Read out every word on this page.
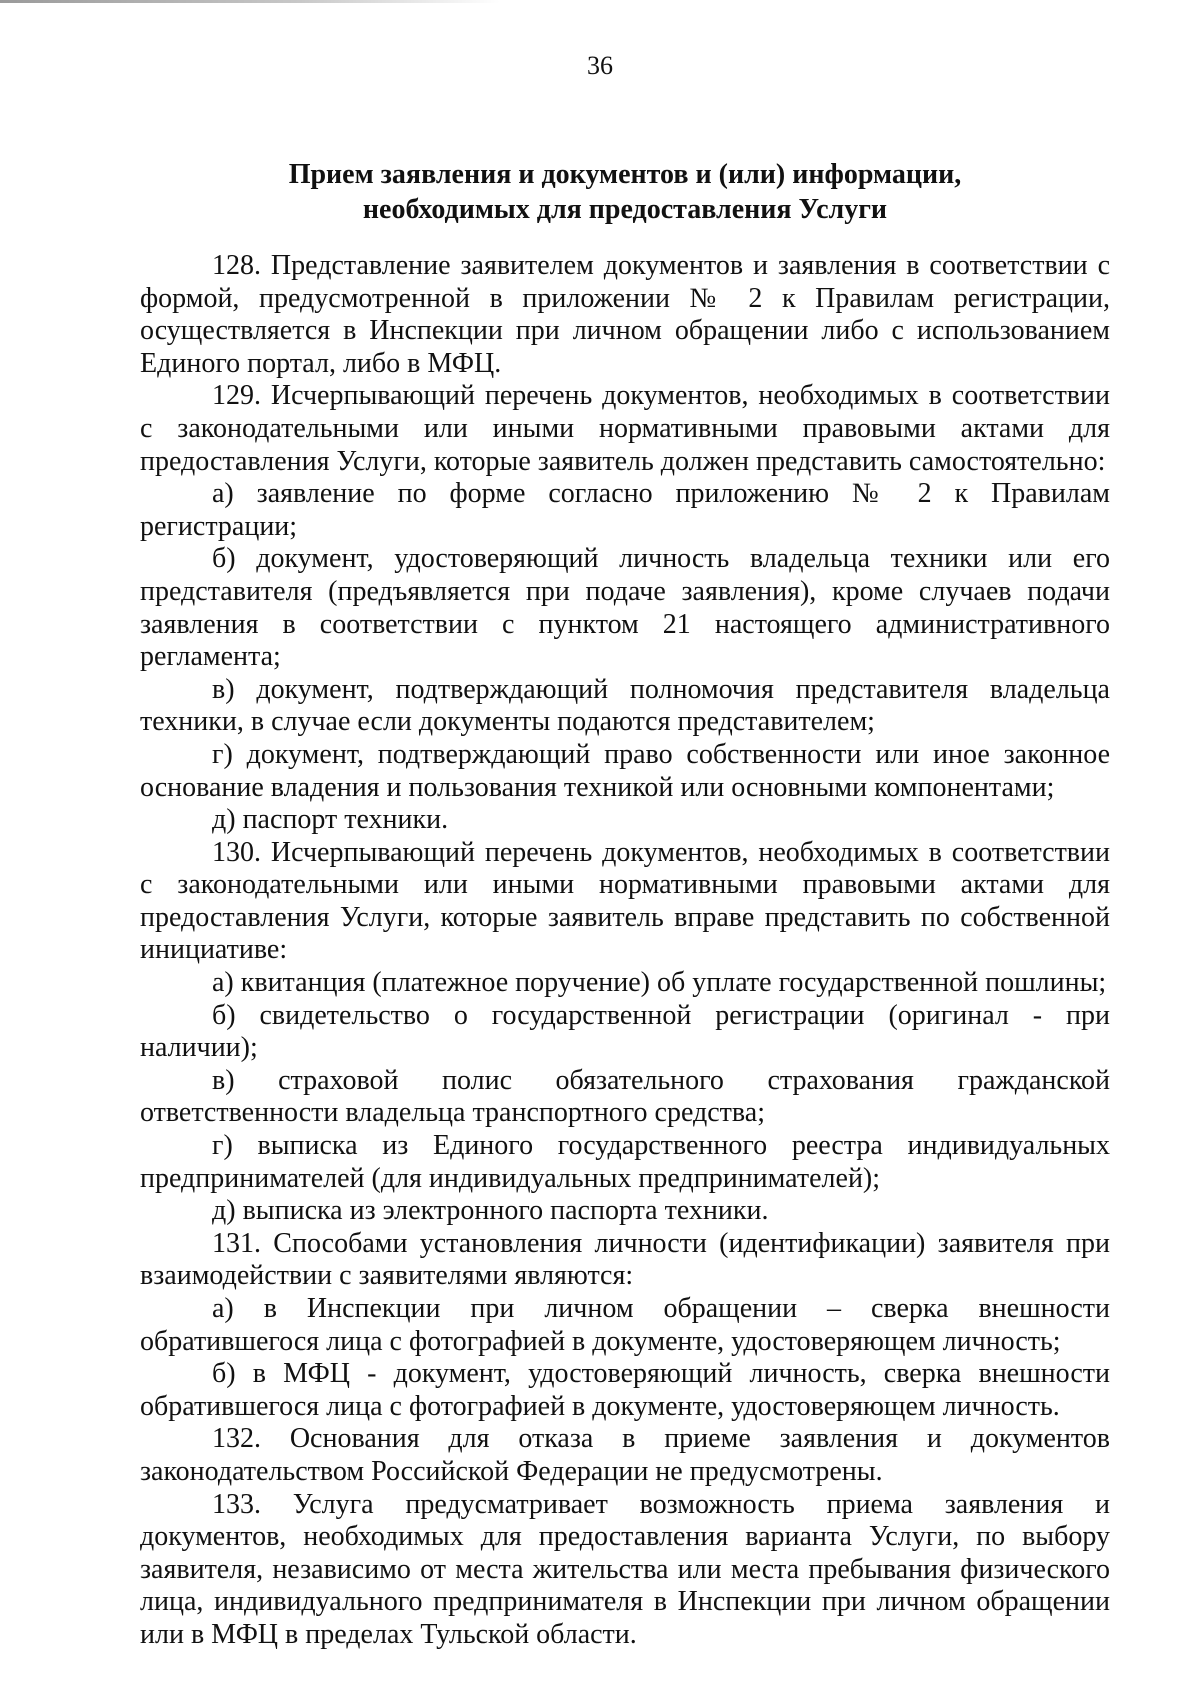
36
Прием заявления и документов и (или) информации,
необходимых для предоставления Услуги

128. Представление заявителем документов и заявления в соответствии с формой, предусмотренной в приложении № 2 к Правилам регистрации, осуществляется в Инспекции при личном обращении либо с использованием Единого портал, либо в МФЦ.

129. Исчерпывающий перечень документов, необходимых в соответствии с законодательными или иными нормативными правовыми актами для предоставления Услуги, которые заявитель должен представить самостоятельно:

а) заявление по форме согласно приложению № 2 к Правилам регистрации;

б) документ, удостоверяющий личность владельца техники или его представителя (предъявляется при подаче заявления), кроме случаев подачи заявления в соответствии с пунктом 21 настоящего административного регламента;

в) документ, подтверждающий полномочия представителя владельца техники, в случае если документы подаются представителем;

г) документ, подтверждающий право собственности или иное законное основание владения и пользования техникой или основными компонентами;

д) паспорт техники.

130. Исчерпывающий перечень документов, необходимых в соответствии с законодательными или иными нормативными правовыми актами для предоставления Услуги, которые заявитель вправе представить по собственной инициативе:

а) квитанция (платежное поручение) об уплате государственной пошлины;

б) свидетельство о государственной регистрации (оригинал - при наличии);

в) страховой полис обязательного страхования гражданской ответственности владельца транспортного средства;

г) выписка из Единого государственного реестра индивидуальных предпринимателей (для индивидуальных предпринимателей);

д) выписка из электронного паспорта техники.

131. Способами установления личности (идентификации) заявителя при взаимодействии с заявителями являются:

а) в Инспекции при личном обращении – сверка внешности обратившегося лица с фотографией в документе, удостоверяющем личность;

б) в МФЦ - документ, удостоверяющий личность, сверка внешности обратившегося лица с фотографией в документе, удостоверяющем личность.

132. Основания для отказа в приеме заявления и документов законодательством Российской Федерации не предусмотрены.

133. Услуга предусматривает возможность приема заявления и документов, необходимых для предоставления варианта Услуги, по выбору заявителя, независимо от места жительства или места пребывания физического лица, индивидуального предпринимателя в Инспекции при личном обращении или в МФЦ в пределах Тульской области.
